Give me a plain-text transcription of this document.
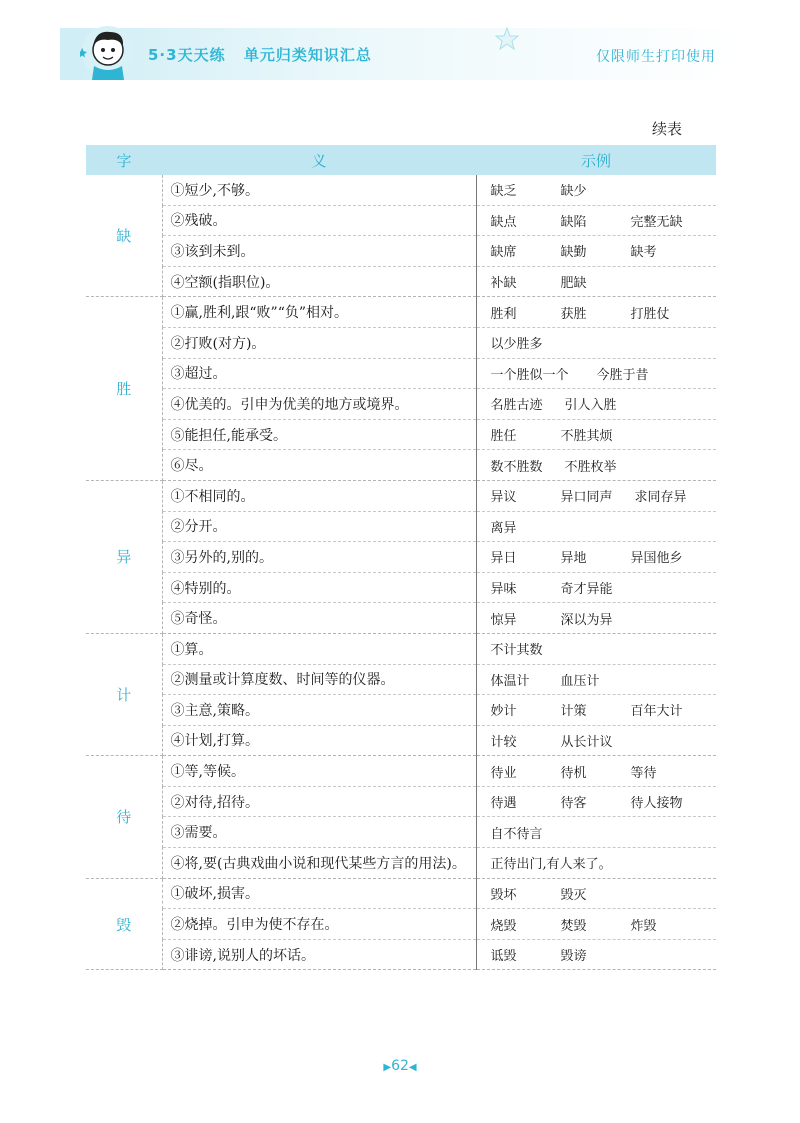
5·3天天练 单元归类知识汇总	仅限师生打印使用
续表
字	义	示例
缺	①短少,不够。	缺乏 缺少
	②残破。	缺点 缺陷 完整无缺
	③该到未到。	缺席 缺勤 缺考
	④空额(指职位)。	补缺 肥缺
胜	①赢,胜利,跟“败”“负”相对。	胜利 获胜 打胜仗
	②打败(对方)。	以少胜多
	③超过。	一个胜似一个 今胜于昔
	④优美的。引申为优美的地方或境界。	名胜古迹 引人入胜
	⑤能担任,能承受。	胜任 不胜其烦
	⑥尽。	数不胜数 不胜枚举
异	①不相同的。	异议 异口同声 求同存异
	②分开。	离异
	③另外的,别的。	异日 异地 异国他乡
	④特别的。	异味 奇才异能
	⑤奇怪。	惊异 深以为异
计	①算。	不计其数
	②测量或计算度数、时间等的仪器。	体温计 血压计
	③主意,策略。	妙计 计策 百年大计
	④计划,打算。	计较 从长计议
待	①等,等候。	待业 待机 等待
	②对待,招待。	待遇 待客 待人接物
	③需要。	自不待言
	④将,要(古典戏曲小说和现代某些方言的用法)。	正待出门,有人来了。
毁	①破坏,损害。	毁坏 毁灭
	②烧掉。引申为使不存在。	烧毁 焚毁 炸毁
	③诽谤,说别人的坏话。	诋毁 毁谤
▶62◀
